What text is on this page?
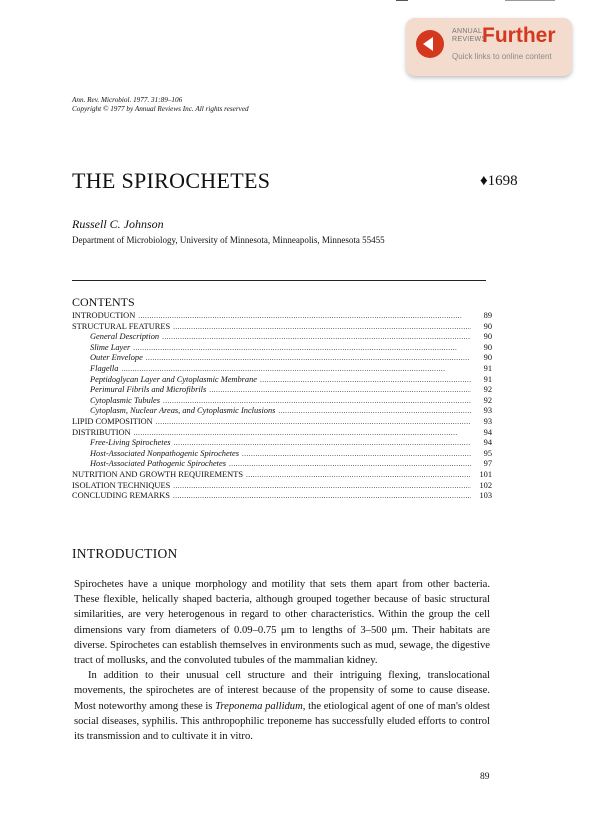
ANNUAL
REVIEWS
Further
Quick links to online content
Ann. Rev. Microbiol. 1977. 31:89–106
Copyright © 1977 by Annual Reviews Inc. All rights reserved
THE SPIROCHETES	♦1698
Russell C. Johnson
Department of Microbiology, University of Minnesota, Minneapolis, Minnesota 55455
CONTENTS
INTRODUCTION .....	89
STRUCTURAL FEATURES .....	90
General Description .....	90
Slime Layer .....	90
Outer Envelope .....	90
Flagella .....	91
Peptidoglycan Layer and Cytoplasmic Membrane .....	91
Perimural Fibrils and Microfibrils .....	92
Cytoplasmic Tubules .....	92
Cytoplasm, Nuclear Areas, and Cytoplasmic Inclusions .....	93
LIPID COMPOSITION .....	93
DISTRIBUTION .....	94
Free-Living Spirochetes .....	94
Host-Associated Nonpathogenic Spirochetes .....	95
Host-Associated Pathogenic Spirochetes .....	97
NUTRITION AND GROWTH REQUIREMENTS .....	101
ISOLATION TECHNIQUES .....	102
CONCLUDING REMARKS .....	103
INTRODUCTION

Spirochetes have a unique morphology and motility that sets them apart from other bacteria. These flexible, helically shaped bacteria, although grouped together because of basic structural similarities, are very heterogenous in regard to other characteristics. Within the group the cell dimensions vary from diameters of 0.09–0.75 μm to lengths of 3–500 μm. Their habitats are diverse. Spirochetes can establish themselves in environments such as mud, sewage, the digestive tract of mollusks, and the convoluted tubules of the mammalian kidney.

In addition to their unusual cell structure and their intriguing flexing, translocational movements, the spirochetes are of interest because of the propensity of some to cause disease. Most noteworthy among these is Treponema pallidum, the etiological agent of one of man's oldest social diseases, syphilis. This anthropophilic treponeme has successfully eluded efforts to control its transmission and to cultivate it in vitro.

89
